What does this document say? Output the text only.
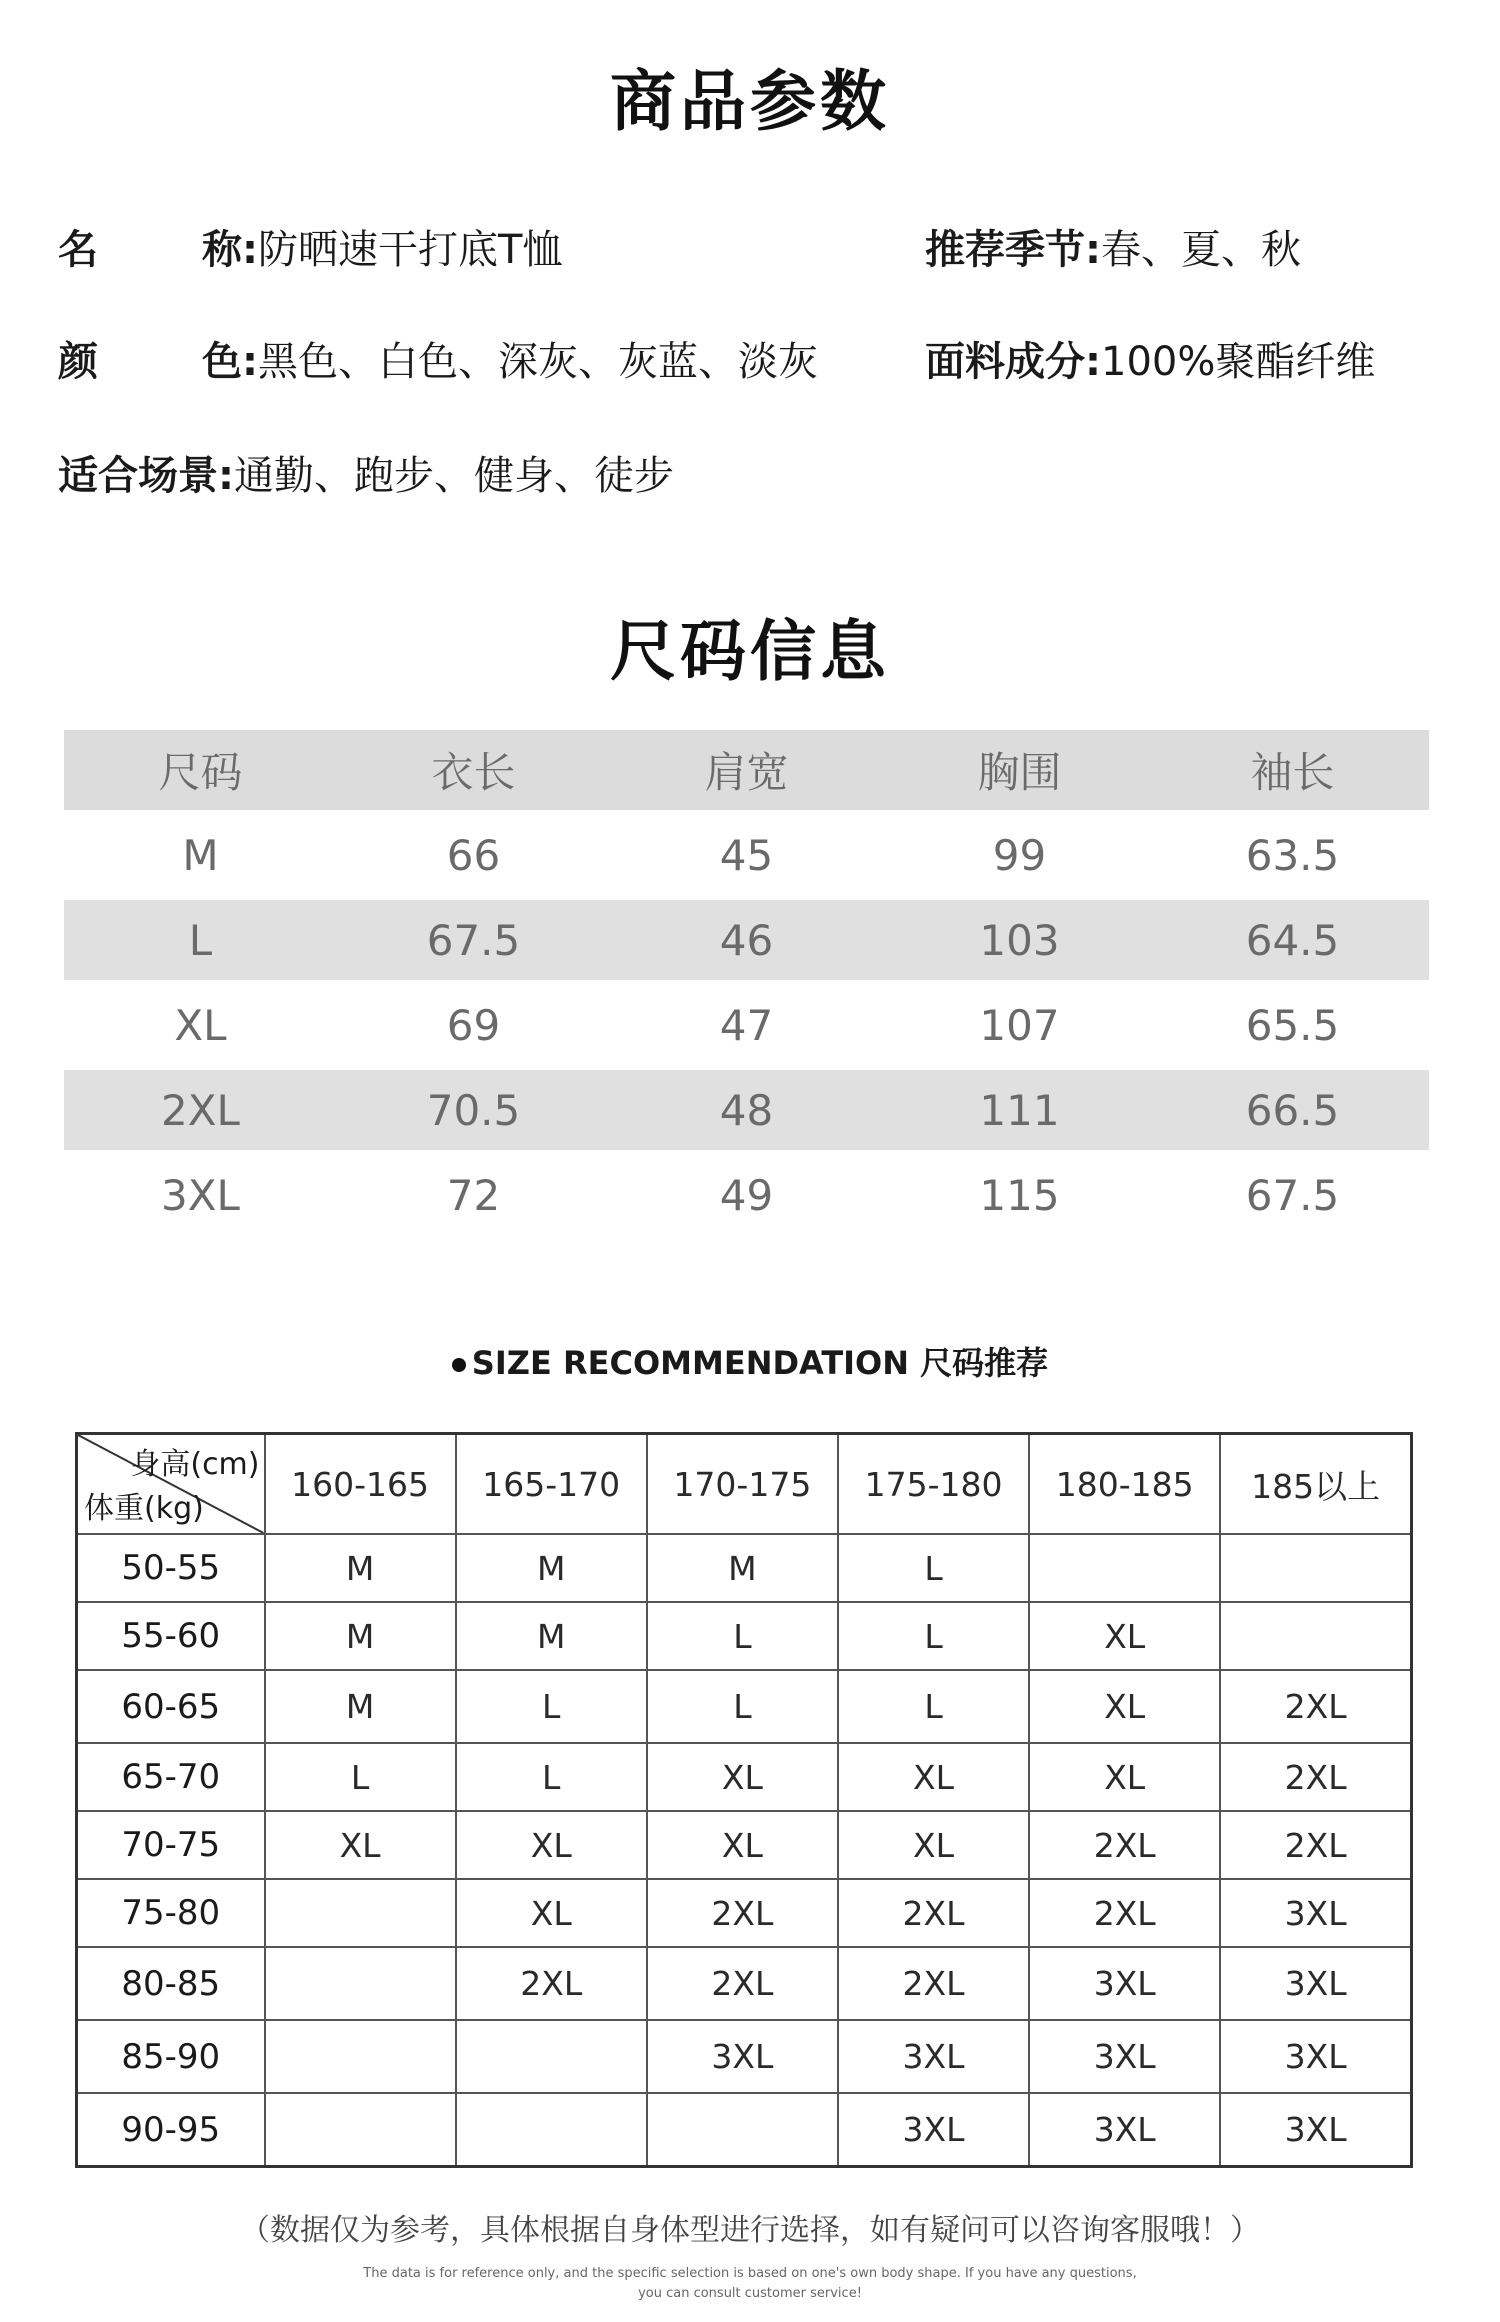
商品参数
名	称: 防晒速干打底T恤
颜	色: 黑色、白色、深灰、灰蓝、淡灰
适合场景:通勤、跑步、健身、徒步
推荐季节:春、夏、秋
面料成分:100%聚酯纤维
尺码信息
尺码	衣长	肩宽	胸围	袖长
M	66	45	99	63.5
L	67.5	46	103	64.5
XL	69	47	107	65.5
2XL	70.5	48	111	66.5
3XL	72	49	115	67.5
SIZE RECOMMENDATION 尺码推荐
身高(cm)
体重(kg)	160-165	165-170	170-175	175-180	180-185	185以上
50-55	M	M	M	L		
55-60	M	M	L	L	XL	
60-65	M	L	L	L	XL	2XL
65-70	L	L	XL	XL	XL	2XL
70-75	XL	XL	XL	XL	2XL	2XL
75-80		XL	2XL	2XL	2XL	3XL
80-85		2XL	2XL	2XL	3XL	3XL
85-90			3XL	3XL	3XL	3XL
90-95				3XL	3XL	3XL
（数据仅为参考，具体根据自身体型进行选择，如有疑问可以咨询客服哦！）
The data is for reference only, and the specific selection is based on one's own body shape. If you have any questions,
you can consult customer service!
